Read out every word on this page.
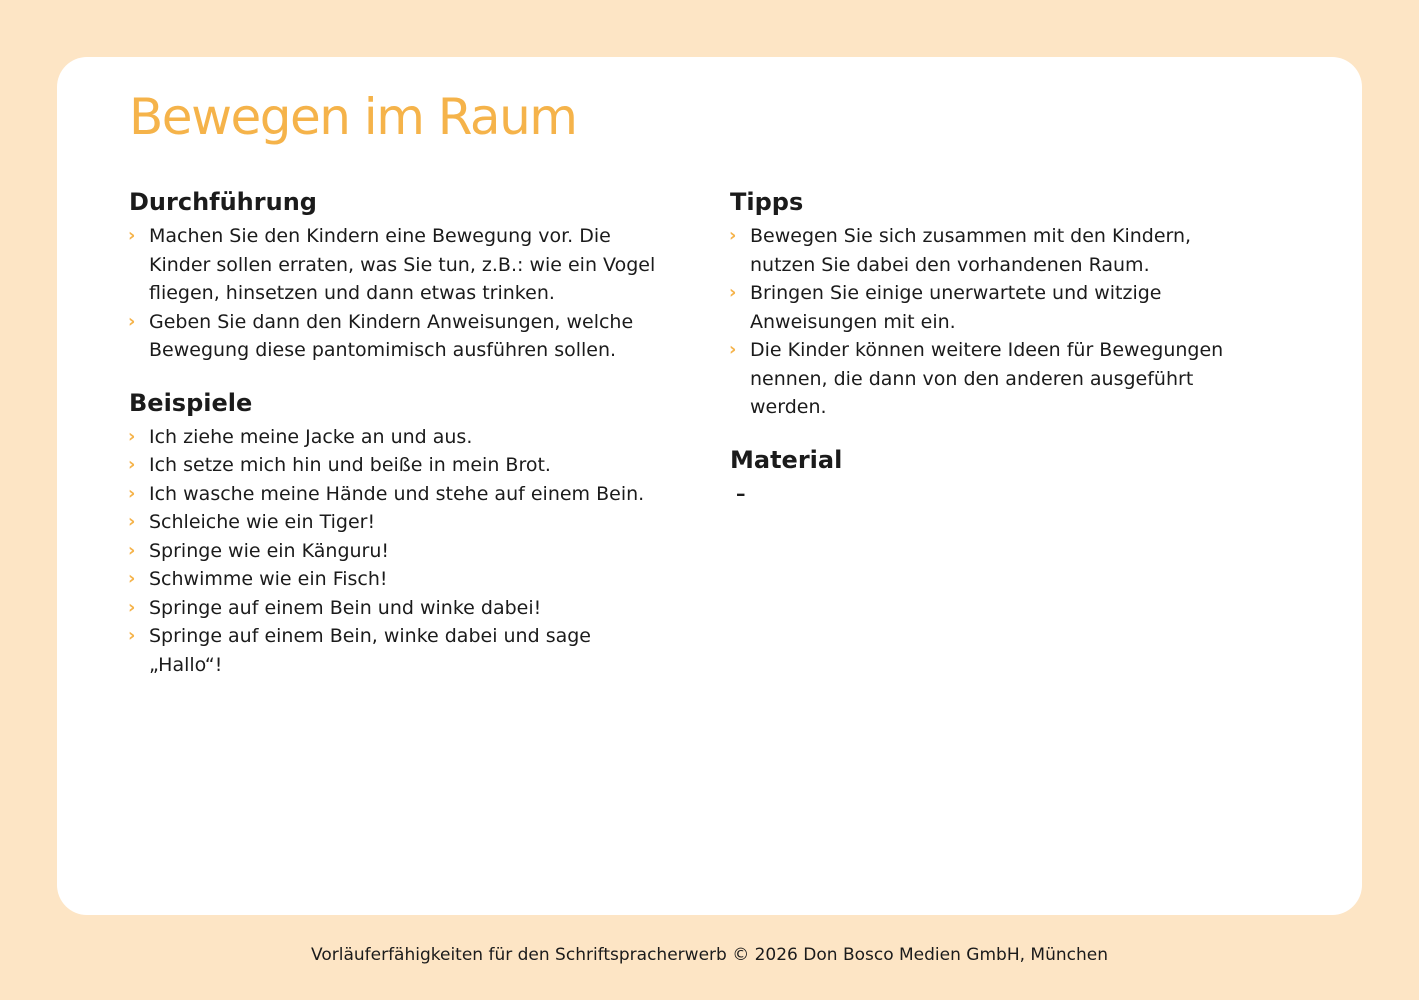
Bewegen im Raum
Durchführung
› Machen Sie den Kindern eine Bewegung vor. Die
Kinder sollen erraten, was Sie tun, z.B.: wie ein Vogel
fliegen, hinsetzen und dann etwas trinken.
› Geben Sie dann den Kindern Anweisungen, welche
Bewegung diese pantomimisch ausführen sollen.
Beispiele
› Ich ziehe meine Jacke an und aus.
› Ich setze mich hin und beiße in mein Brot.
› Ich wasche meine Hände und stehe auf einem Bein.
› Schleiche wie ein Tiger!
› Springe wie ein Känguru!
› Schwimme wie ein Fisch!
› Springe auf einem Bein und winke dabei!
› Springe auf einem Bein, winke dabei und sage
„Hallo“!
Tipps
› Bewegen Sie sich zusammen mit den Kindern,
nutzen Sie dabei den vorhandenen Raum.
› Bringen Sie einige unerwartete und witzige
Anweisungen mit ein.
› Die Kinder können weitere Ideen für Bewegungen
nennen, die dann von den anderen ausgeführt
werden.
Material
–
Vorläuferfähigkeiten für den Schriftspracherwerb © 2026 Don Bosco Medien GmbH, München
